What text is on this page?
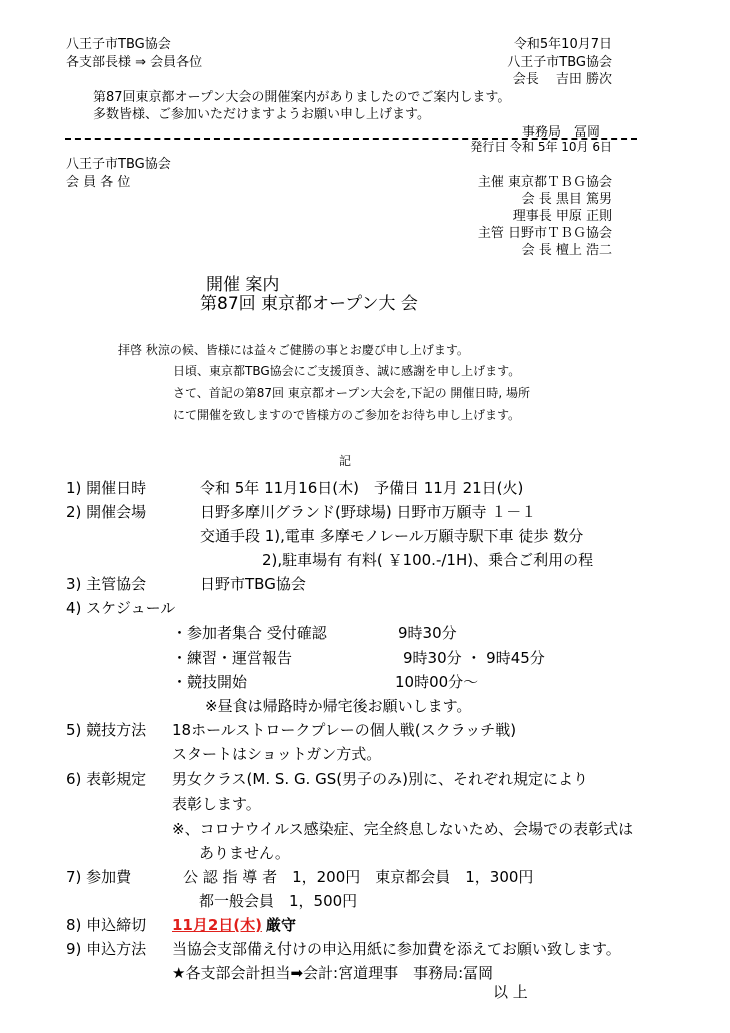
八王子市TBG協会
各支部長様 ⇒ 会員各位
令和5年10月7日
八王子市TBG協会
会長　 吉田 勝次
第87回東京都オープン大会の開催案内がありましたのでご案内します。
多数皆様、ご参加いただけますようお願い申し上げます。
事務局　冨岡
発行日 令和 5年 10月 6日
八王子市TBG協会
会 員 各 位	主催 東京都ＴＢＧ協会
会 長 黒目 篤男
理事長 甲原 正則
主管 日野市ＴＢＧ協会
会 長 檀上 浩二
開催 案内
第87回 東京都オープン大 会
拝啓 秋涼の候、皆様には益々ご健勝の事とお慶び申し上げます。
日頃、東京都TBG協会にご支援頂き、誠に感謝を申し上げます。
さて、首記の第87回 東京都オープン大会を,下記の 開催日時, 場所
にて開催を致しますので皆様方のご参加をお待ち申し上げます。
記
1) 開催日時	令和 5年 11月16日(木)　予備日 11月 21日(火)
2) 開催会場	日野多摩川グランド(野球場) 日野市万願寺 １－１
交通手段 1),電車 多摩モノレール万願寺駅下車 徒歩 数分
2),駐車場有 有料( ￥100.-/1H)、乗合ご利用の程
3) 主管協会	日野市TBG協会
4) スケジュール
・参加者集合 受付確認	9時30分
・練習・運営報告	9時30分 ・ 9時45分
・競技開始	10時00分～
※昼食は帰路時か帰宅後お願いします。
5) 競技方法 18ホールストロークプレーの個人戦(スクラッチ戦)
スタートはショットガン方式。
6) 表彰規定 男女クラス(M. S. G. GS(男子のみ)別に、それぞれ規定により
表彰します。
※、コロナウイルス感染症、完全終息しないため、会場での表彰式は
ありません。
7) 参加費	公 認 指 導 者　1，200円　東京都会員　1，300円
都一般会員　1，500円
8) 申込締切 11月2日(木) 厳守
9) 申込方法 当協会支部備え付けの申込用紙に参加費を添えてお願い致します。
★各支部会計担当➡会計:宮道理事　事務局:冨岡
以 上
